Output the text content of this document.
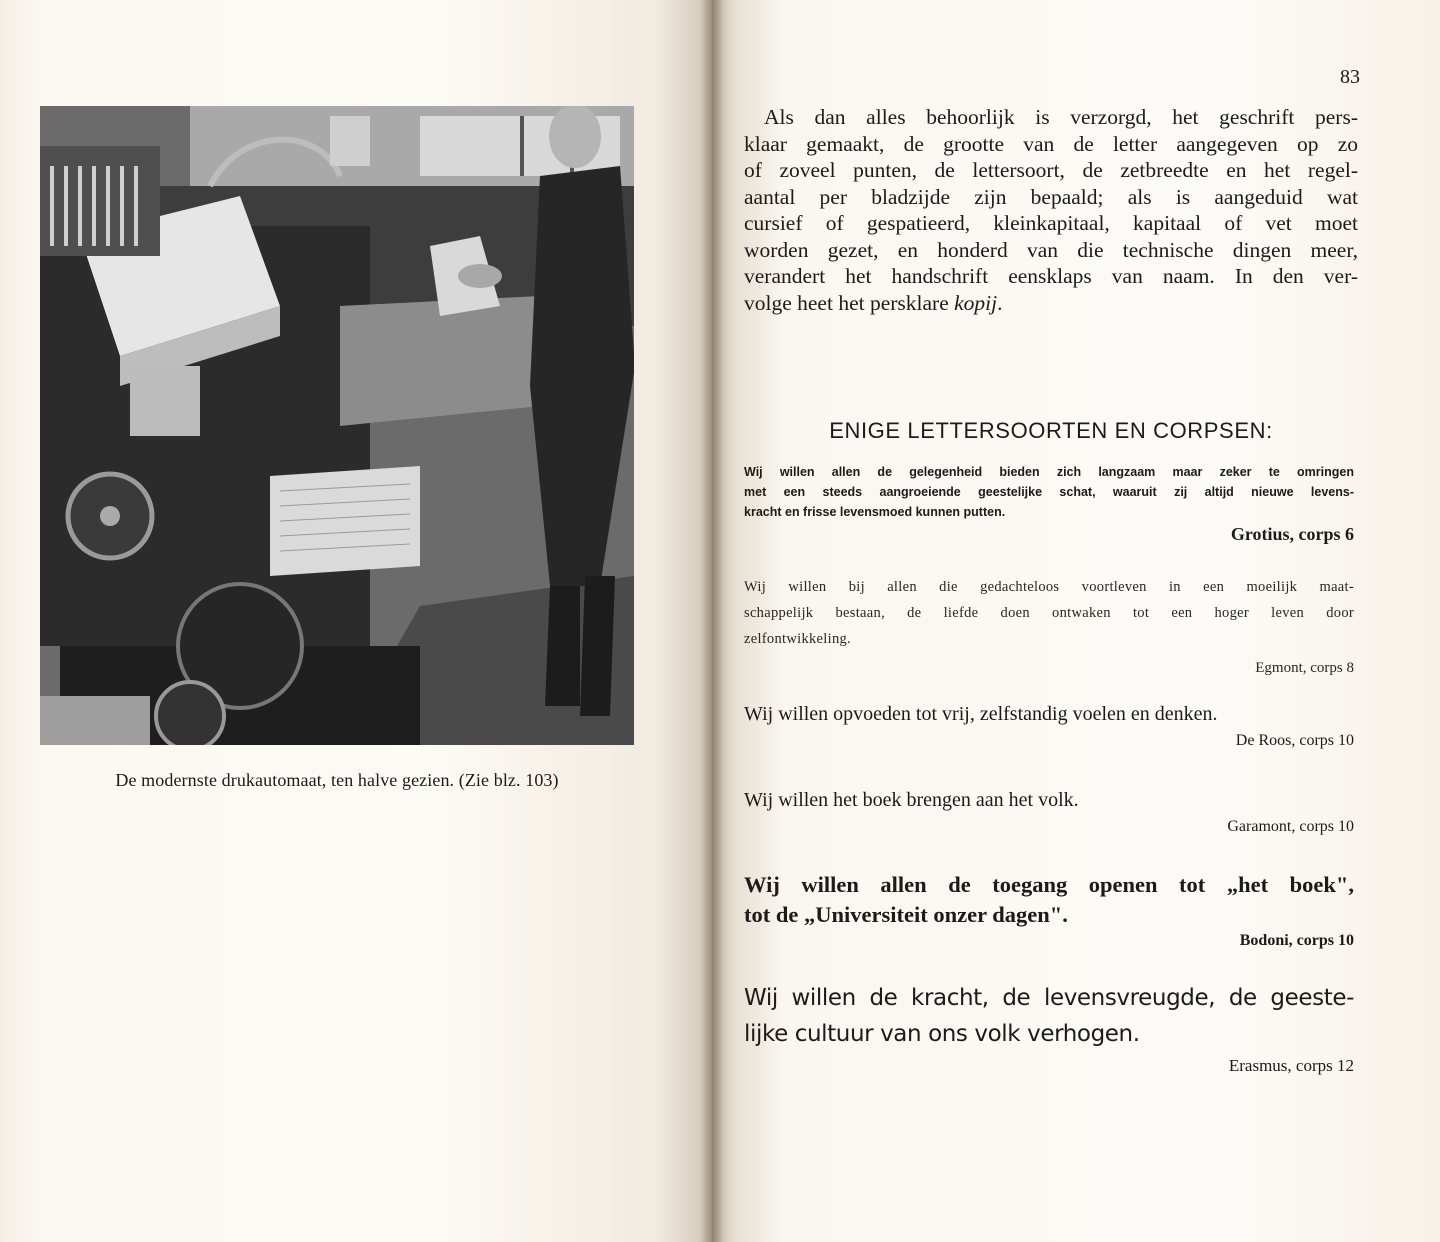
De modernste drukautomaat, ten halve gezien. (Zie blz. 103)
83
Als dan alles behoorlijk is verzorgd, het geschrift pers-
klaar gemaakt, de grootte van de letter aangegeven op zo
of zoveel punten, de lettersoort, de zetbreedte en het regel-
aantal per bladzijde zijn bepaald; als is aangeduid wat
cursief of gespatieerd, kleinkapitaal, kapitaal of vet moet
worden gezet, en honderd van die technische dingen meer,
verandert het handschrift eensklaps van naam. In den ver-
volge heet het persklare kopij.
ENIGE LETTERSOORTEN EN CORPSEN:
Wij willen allen de gelegenheid bieden zich langzaam maar zeker te omringen
met een steeds aangroeiende geestelijke schat, waaruit zij altijd nieuwe levens-
kracht en frisse levensmoed kunnen putten.
Grotius, corps 6
Wij willen bij allen die gedachteloos voortleven in een moeilijk maat-
schappelijk bestaan, de liefde doen ontwaken tot een hoger leven door
zelfontwikkeling.
Egmont, corps 8
Wij willen opvoeden tot vrij, zelfstandig voelen en denken.
De Roos, corps 10
Wij willen het boek brengen aan het volk.
Garamont, corps 10
Wij willen allen de toegang openen tot „het boek",
tot de „Universiteit onzer dagen".
Bodoni, corps 10
Wij willen de kracht, de levensvreugde, de geeste-
lijke cultuur van ons volk verhogen.
Erasmus, corps 12
